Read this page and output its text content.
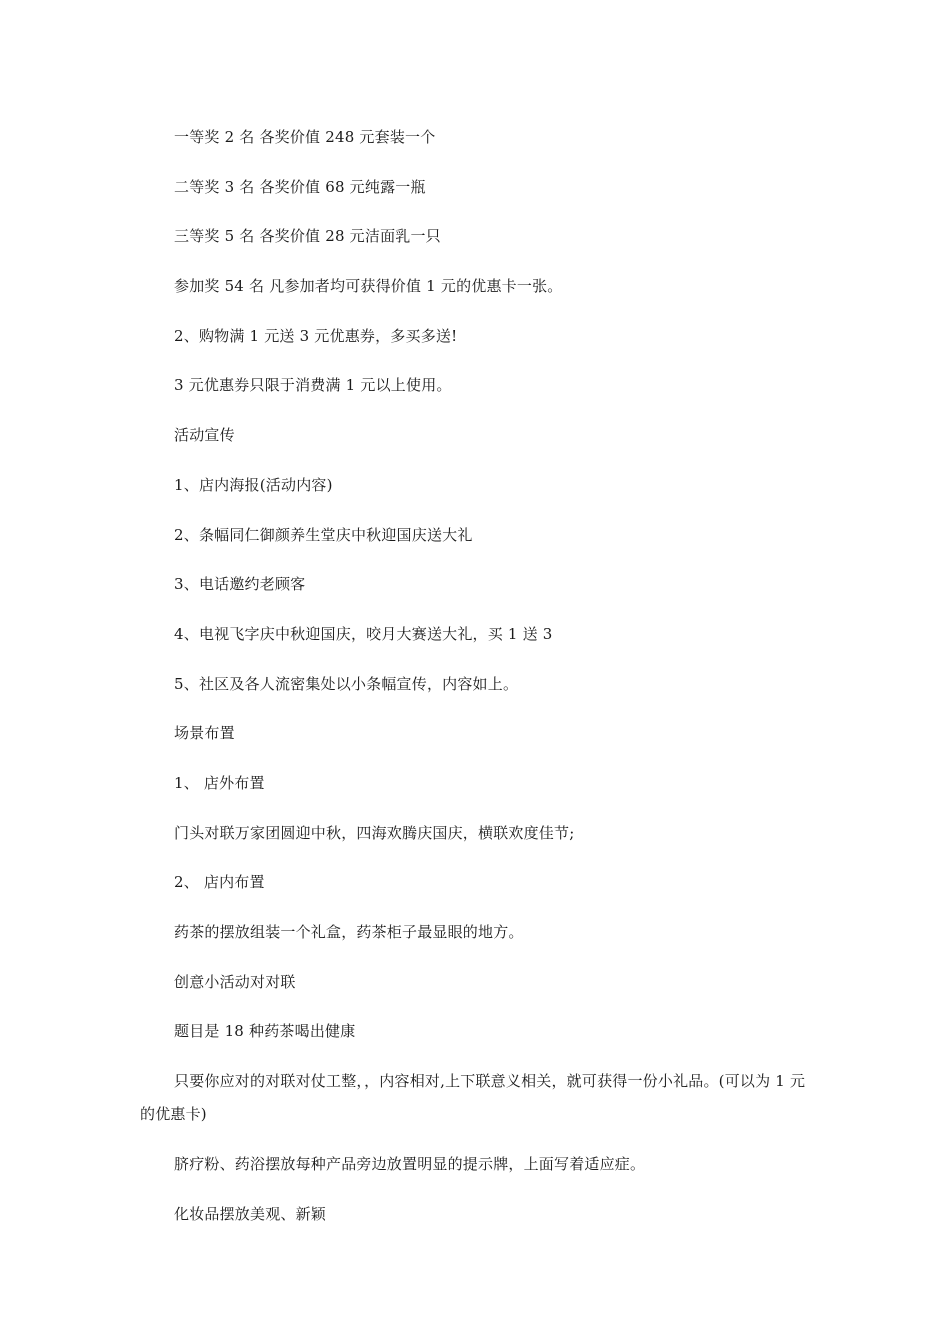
一等奖 2 名 各奖价值 248 元套装一个

二等奖 3 名 各奖价值 68 元纯露一瓶

三等奖 5 名 各奖价值 28 元洁面乳一只

参加奖 54 名 凡参加者均可获得价值 1 元的优惠卡一张。

2、购物满 1 元送 3 元优惠券，多买多送!

3 元优惠券只限于消费满 1 元以上使用。

活动宣传

1、店内海报(活动内容)

2、条幅同仁御颜养生堂庆中秋迎国庆送大礼

3、电话邀约老顾客

4、电视飞字庆中秋迎国庆，咬月大赛送大礼，买 1 送 3

5、社区及各人流密集处以小条幅宣传，内容如上。

场景布置

1、 店外布置

门头对联万家团圆迎中秋，四海欢腾庆国庆，横联欢度佳节;

2、 店内布置

药茶的摆放组装一个礼盒，药茶柜子最显眼的地方。

创意小活动对对联

题目是 18 种药茶喝出健康

只要你应对的对联对仗工整，，内容相对,上下联意义相关，就可获得一份小礼品。(可以为 1 元的优惠卡)

脐疗粉、药浴摆放每种产品旁边放置明显的提示牌，上面写着适应症。

化妆品摆放美观、新颖
